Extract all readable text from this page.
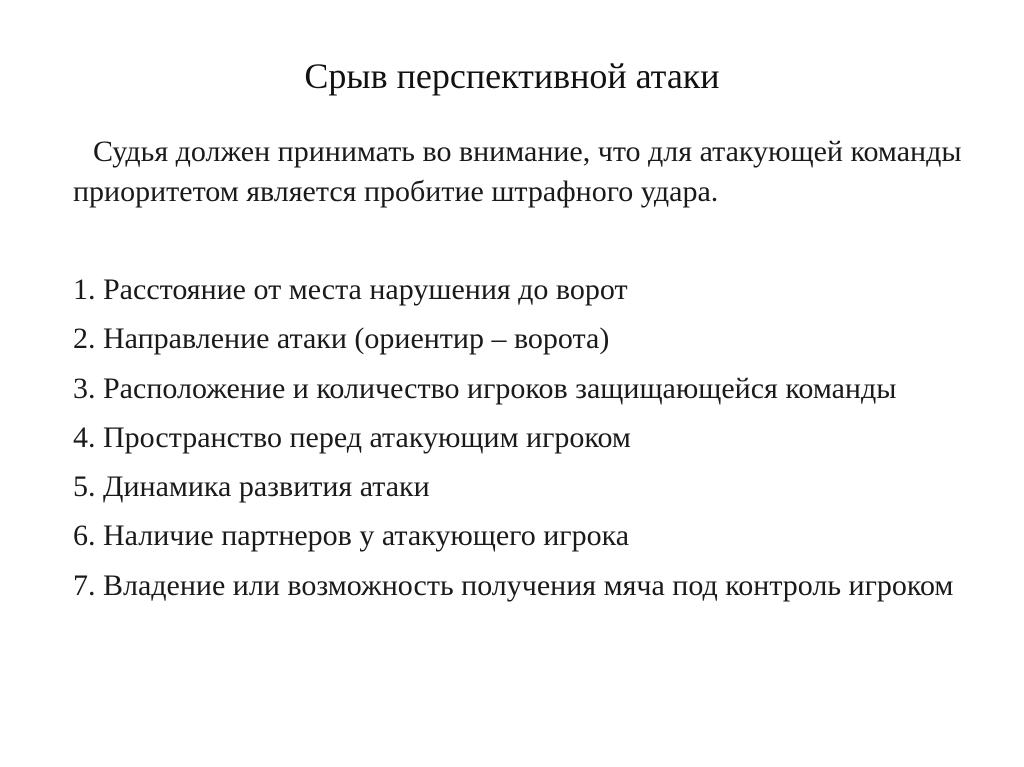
Срыв перспективной атаки
Судья должен принимать во внимание, что для атакующей команды приоритетом является пробитие штрафного удара.
1. Расстояние от места нарушения до ворот
2. Направление атаки (ориентир – ворота)
3. Расположение и количество игроков защищающейся команды
4. Пространство перед атакующим игроком
5. Динамика развития атаки
6. Наличие партнеров у атакующего игрока
7. Владение или возможность получения мяча под контроль игроком
